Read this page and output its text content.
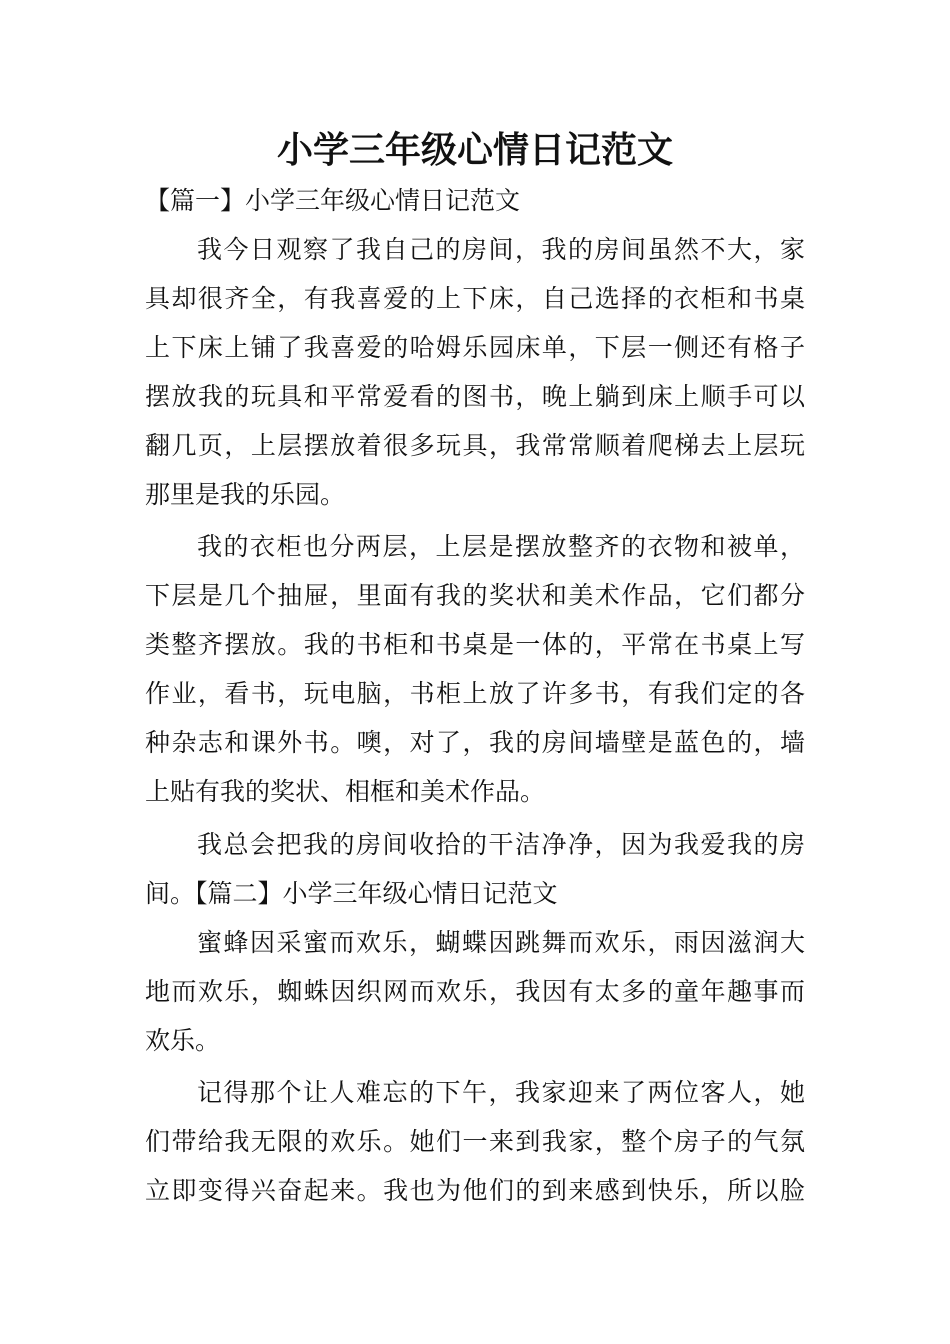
小学三年级心情日记范文

【篇一】小学三年级心情日记范文

我今日观察了我自己的房间，我的房间虽然不大，家

具却很齐全，有我喜爱的上下床，自己选择的衣柜和书桌

上下床上铺了我喜爱的哈姆乐园床单，下层一侧还有格子

摆放我的玩具和平常爱看的图书，晚上躺到床上顺手可以

翻几页，上层摆放着很多玩具，我常常顺着爬梯去上层玩

那里是我的乐园。

我的衣柜也分两层，上层是摆放整齐的衣物和被单，

下层是几个抽屉，里面有我的奖状和美术作品，它们都分

类整齐摆放。我的书柜和书桌是一体的，平常在书桌上写

作业，看书，玩电脑，书柜上放了许多书，有我们定的各

种杂志和课外书。噢，对了，我的房间墙壁是蓝色的，墙

上贴有我的奖状、相框和美术作品。

我总会把我的房间收拾的干洁净净，因为我爱我的房

间。【篇二】小学三年级心情日记范文

蜜蜂因采蜜而欢乐，蝴蝶因跳舞而欢乐，雨因滋润大

地而欢乐，蜘蛛因织网而欢乐，我因有太多的童年趣事而

欢乐。

记得那个让人难忘的下午，我家迎来了两位客人，她

们带给我无限的欢乐。她们一来到我家，整个房子的气氛

立即变得兴奋起来。我也为他们的到来感到快乐，所以脸
